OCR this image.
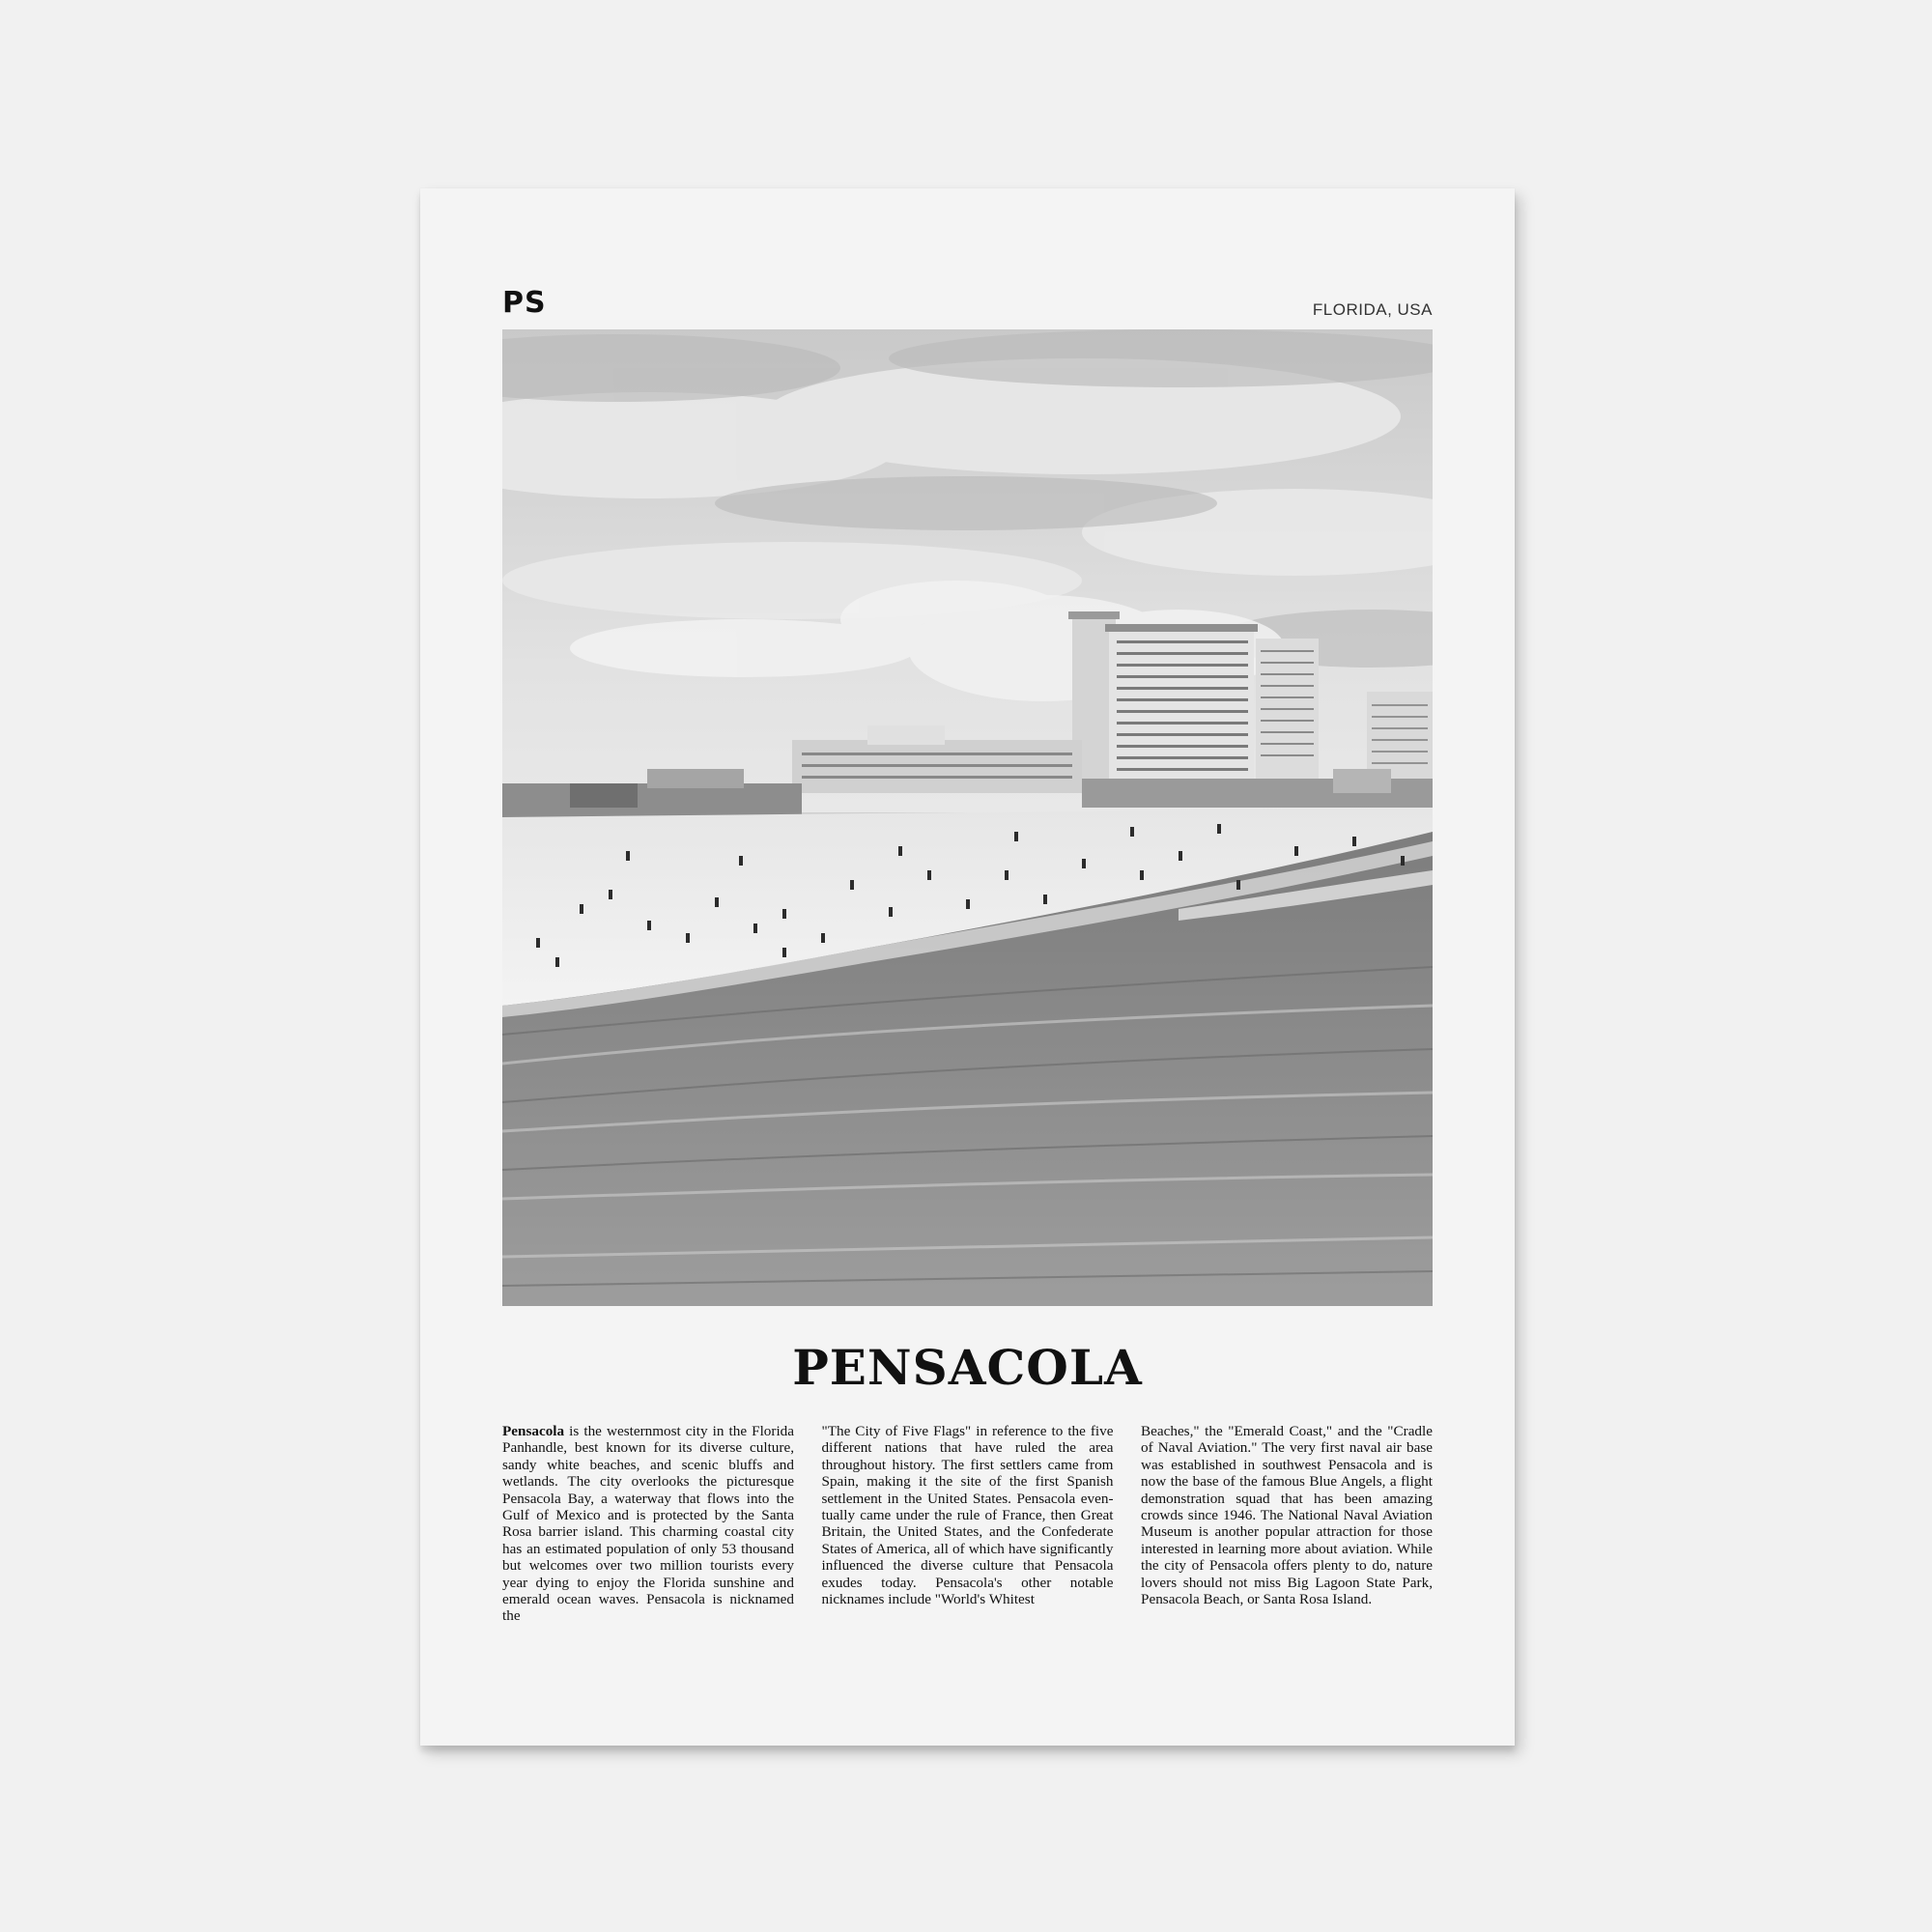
PS	FLORIDA, USA
PENSACOLA
Pensacola is the westernmost city in the Florida Panhandle, best known for its diverse culture, sandy white beaches, and scenic bluffs and wetlands. The city overlooks the picturesque Pensacola Bay, a waterway that flows into the Gulf of Mexico and is protected by the Santa Rosa barrier island. This charming coastal city has an estimated population of only 53 thousand but welcomes over two million tourists every year dying to enjoy the Florida sunshine and emerald ocean waves. Pensacola is nicknamed the
"The City of Five Flags" in reference to the five different nations that have ruled the area throughout history. The first settlers came from Spain, making it the site of the first Spanish settlement in the United States. Pensacola eventually came under the rule of France, then Great Britain, the United States, and the Confederate States of America, all of which have significantly influenced the diverse culture that Pensacola exudes today. Pensacola's other notable nicknames include "World's Whitest
Beaches," the "Emerald Coast," and the "Cradle of Naval Aviation." The very first naval air base was established in southwest Pensacola and is now the base of the famous Blue Angels, a flight demonstration squad that has been amazing crowds since 1946. The National Naval Aviation Museum is another popular attraction for those interested in learning more about aviation. While the city of Pensacola offers plenty to do, nature lovers should not miss Big Lagoon State Park, Pensacola Beach, or Santa Rosa Island.
